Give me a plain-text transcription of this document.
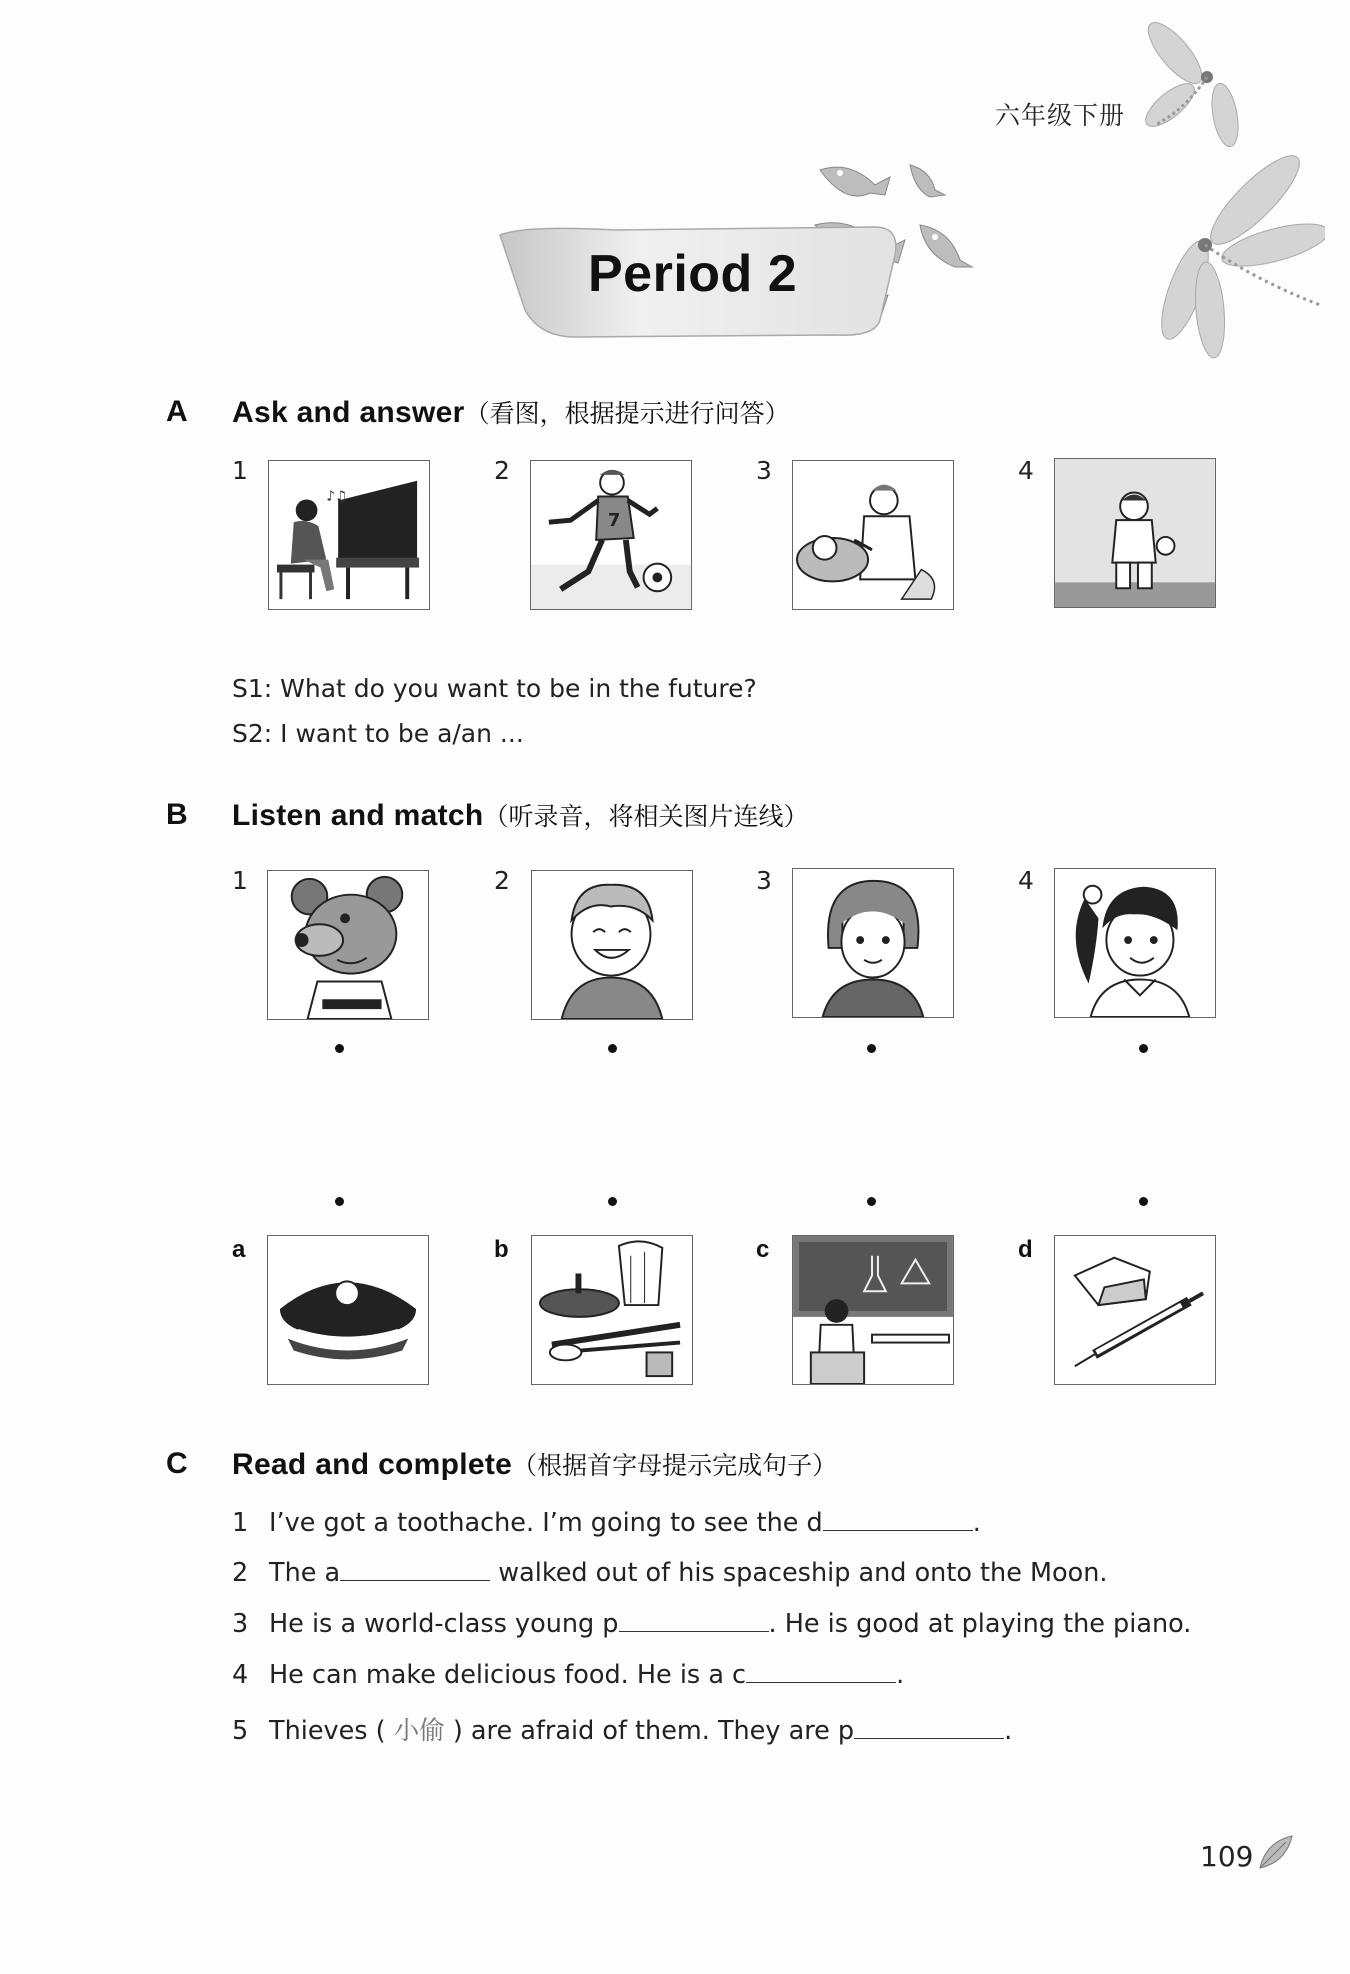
六年级下册
Period 2
A Ask and answer（看图，根据提示进行问答）
1
♪♫
2
7
3	4
S1: What do you want to be in the future?
S2: I want to be a/an ...
B Listen and match（听录音，将相关图片连线）
1	2	3	4
a	b	c	d
C Read and complete（根据首字母提示完成句子）
1 I’ve got a toothache. I’m going to see the d	.
2 The a	walked out of his spaceship and onto the Moon.
3 He is a world-class young p	. He is good at playing the piano.
4 He can make delicious food. He is a c	.
5 Thieves ( 小偷 ) are afraid of them. They are p	.
109
